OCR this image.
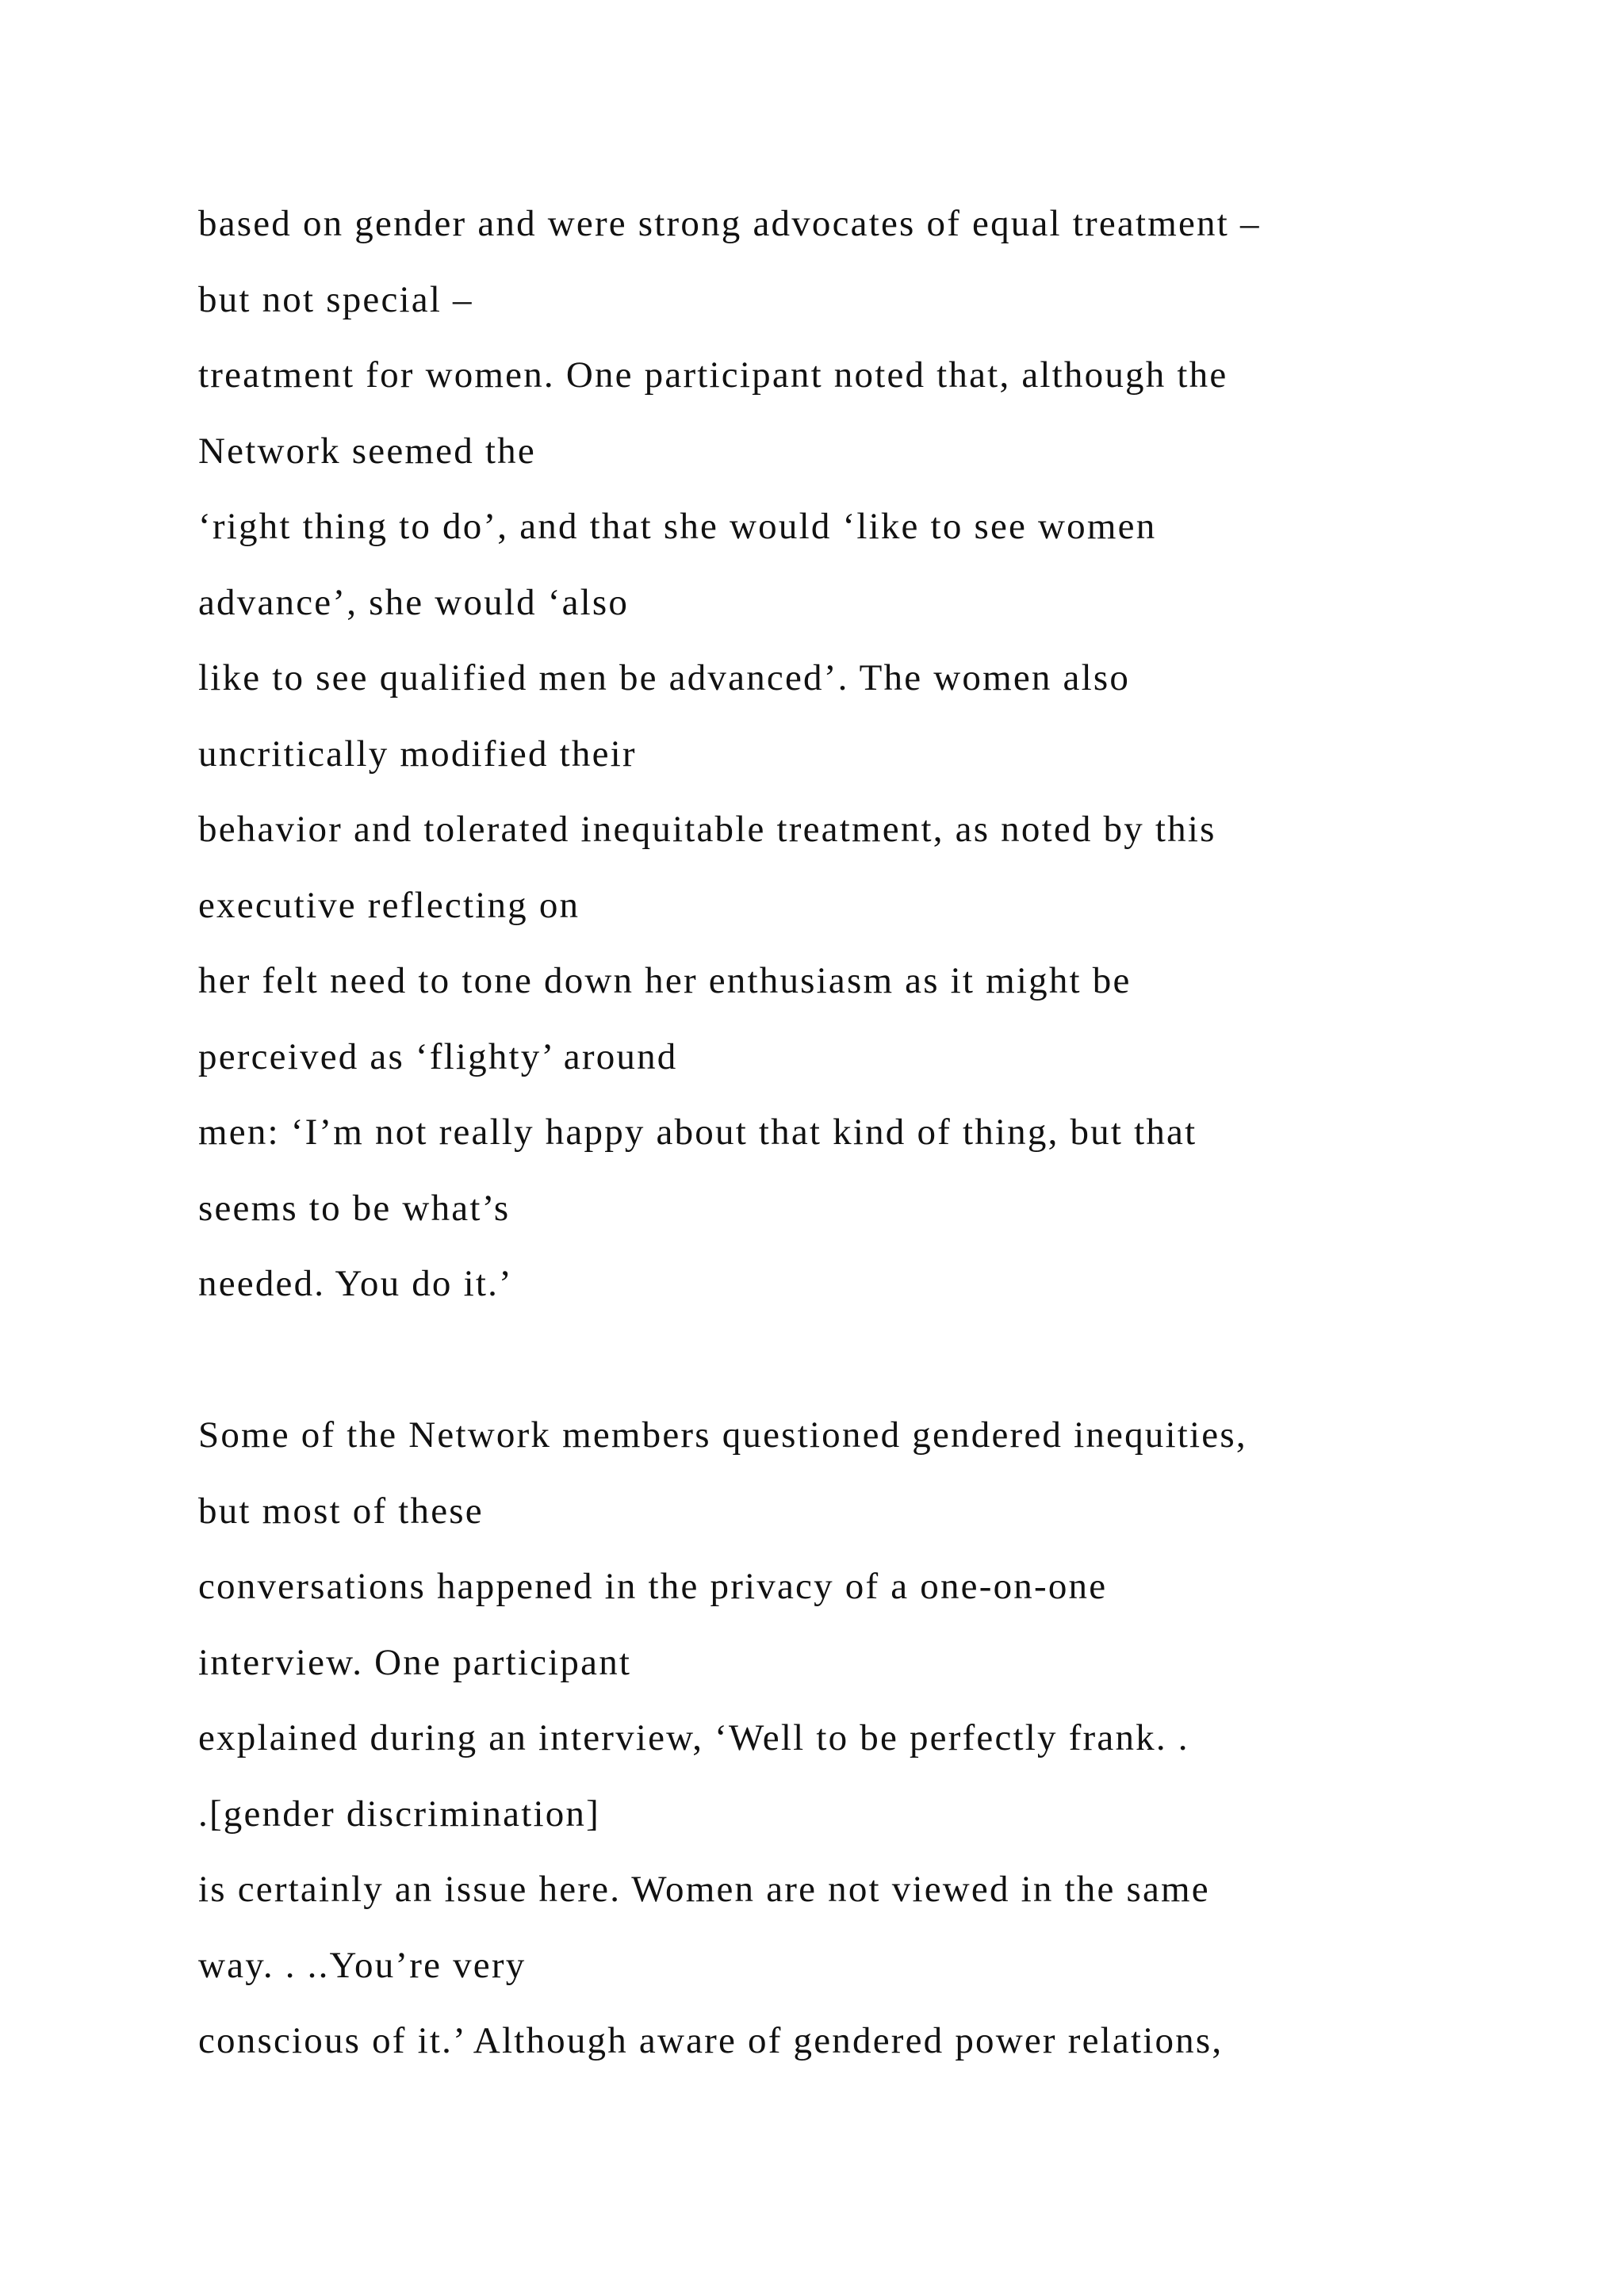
based on gender and were strong advocates of equal treatment –
but not special –
treatment for women. One participant noted that, although the
Network seemed the
‘right thing to do’, and that she would ‘like to see women
advance’, she would ‘also
like to see qualified men be advanced’. The women also
uncritically modified their
behavior and tolerated inequitable treatment, as noted by this
executive reflecting on
her felt need to tone down her enthusiasm as it might be
perceived as ‘flighty’ around
men: ‘I’m not really happy about that kind of thing, but that
seems to be what’s
needed. You do it.’
Some of the Network members questioned gendered inequities,
but most of these
conversations happened in the privacy of a one-on-one
interview. One participant
explained during an interview, ‘Well to be perfectly frank. .
.[gender discrimination]
is certainly an issue here. Women are not viewed in the same
way. . ..You’re very
conscious of it.’ Although aware of gendered power relations,
